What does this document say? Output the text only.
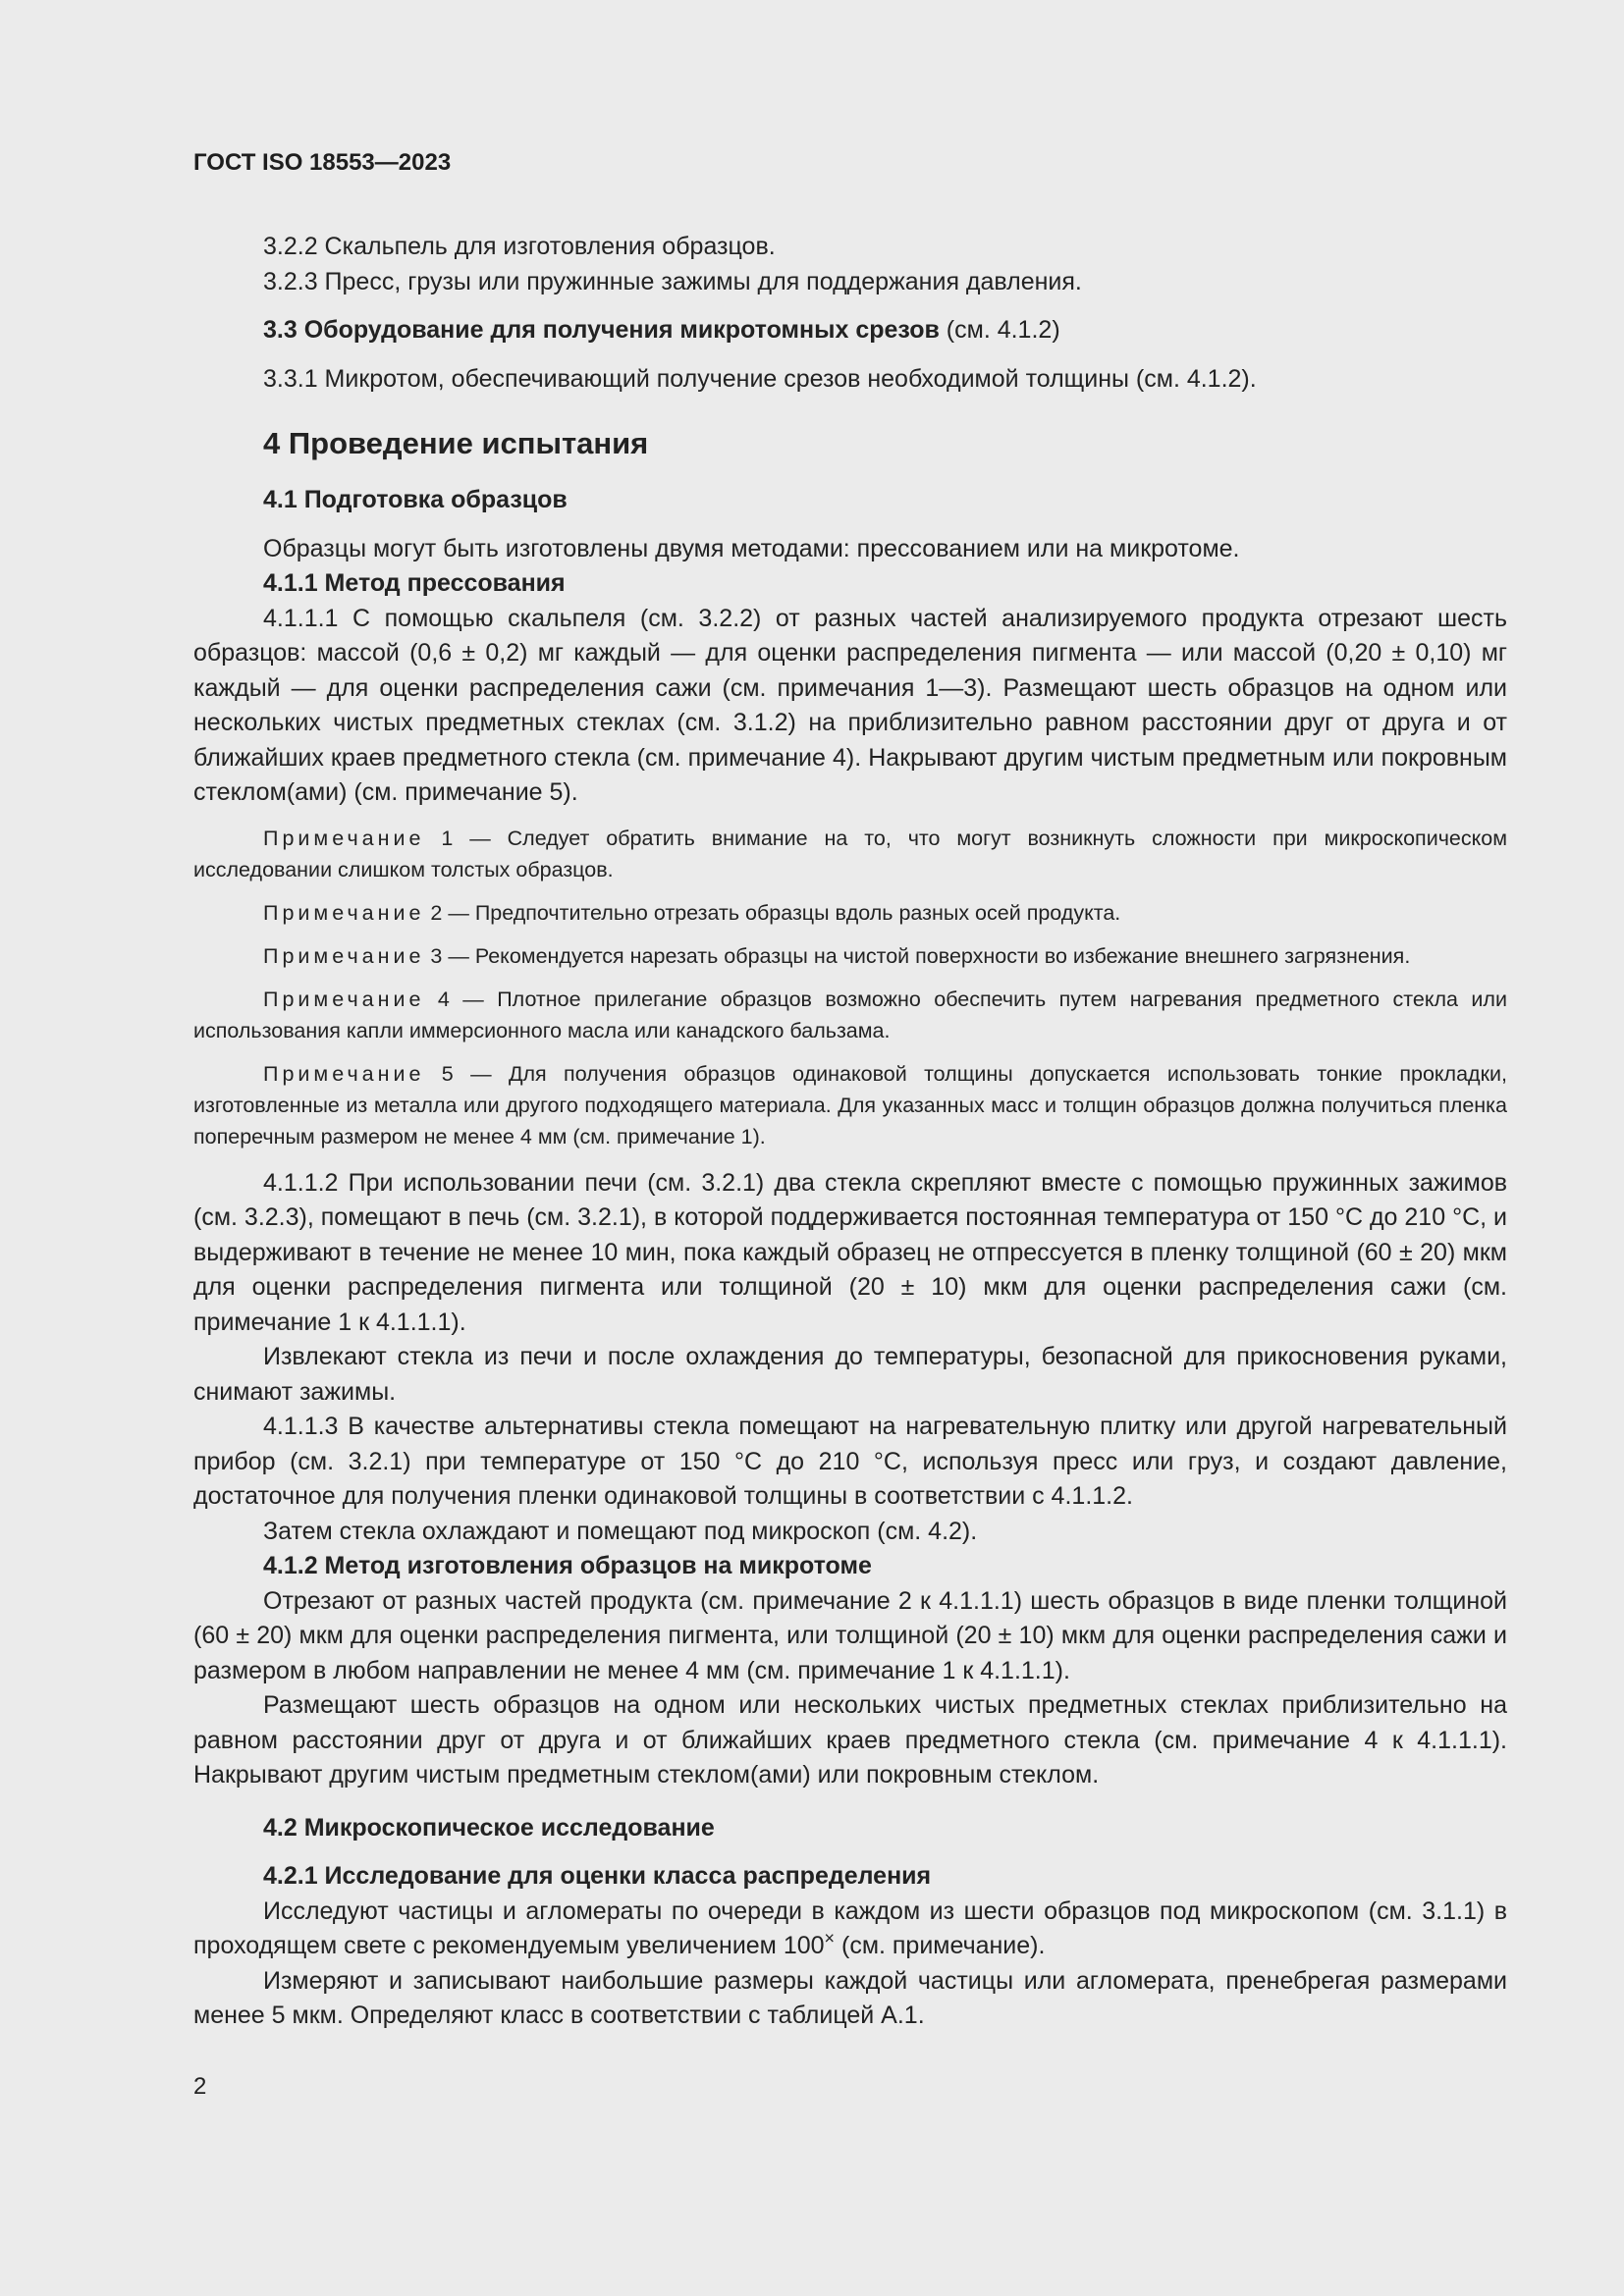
ГОСТ ISO 18553—2023

3.2.2 Скальпель для изготовления образцов.

3.2.3 Пресс, грузы или пружинные зажимы для поддержания давления.

3.3 Оборудование для получения микротомных срезов (см. 4.1.2)

3.3.1 Микротом, обеспечивающий получение срезов необходимой толщины (см. 4.1.2).

4 Проведение испытания

4.1 Подготовка образцов

Образцы могут быть изготовлены двумя методами: прессованием или на микротоме.

4.1.1 Метод прессования

4.1.1.1 С помощью скальпеля (см. 3.2.2) от разных частей анализируемого продукта отрезают шесть образцов: массой (0,6 ± 0,2) мг каждый — для оценки распределения пигмента — или массой (0,20 ± 0,10) мг каждый — для оценки распределения сажи (см. примечания 1—3). Размещают шесть образцов на одном или нескольких чистых предметных стеклах (см. 3.1.2) на приблизительно равном расстоянии друг от друга и от ближайших краев предметного стекла (см. примечание 4). Накрывают другим чистым предметным или покровным стеклом(ами) (см. примечание 5).

Примечание 1 — Следует обратить внимание на то, что могут возникнуть сложности при микроскопическом исследовании слишком толстых образцов.

Примечание 2 — Предпочтительно отрезать образцы вдоль разных осей продукта.

Примечание 3 — Рекомендуется нарезать образцы на чистой поверхности во избежание внешнего загрязнения.

Примечание 4 — Плотное прилегание образцов возможно обеспечить путем нагревания предметного стекла или использования капли иммерсионного масла или канадского бальзама.

Примечание 5 — Для получения образцов одинаковой толщины допускается использовать тонкие прокладки, изготовленные из металла или другого подходящего материала. Для указанных масс и толщин образцов должна получиться пленка поперечным размером не менее 4 мм (см. примечание 1).

4.1.1.2 При использовании печи (см. 3.2.1) два стекла скрепляют вместе с помощью пружинных зажимов (см. 3.2.3), помещают в печь (см. 3.2.1), в которой поддерживается постоянная температура от 150 °C до 210 °C, и выдерживают в течение не менее 10 мин, пока каждый образец не отпрессуется в пленку толщиной (60 ± 20) мкм для оценки распределения пигмента или толщиной (20 ± 10) мкм для оценки распределения сажи (см. примечание 1 к 4.1.1.1).

Извлекают стекла из печи и после охлаждения до температуры, безопасной для прикосновения руками, снимают зажимы.

4.1.1.3 В качестве альтернативы стекла помещают на нагревательную плитку или другой нагревательный прибор (см. 3.2.1) при температуре от 150 °C до 210 °C, используя пресс или груз, и создают давление, достаточное для получения пленки одинаковой толщины в соответствии с 4.1.1.2.

Затем стекла охлаждают и помещают под микроскоп (см. 4.2).

4.1.2 Метод изготовления образцов на микротоме

Отрезают от разных частей продукта (см. примечание 2 к 4.1.1.1) шесть образцов в виде пленки толщиной (60 ± 20) мкм для оценки распределения пигмента, или толщиной (20 ± 10) мкм для оценки распределения сажи и размером в любом направлении не менее 4 мм (см. примечание 1 к 4.1.1.1).

Размещают шесть образцов на одном или нескольких чистых предметных стеклах приблизительно на равном расстоянии друг от друга и от ближайших краев предметного стекла (см. примечание 4 к 4.1.1.1). Накрывают другим чистым предметным стеклом(ами) или покровным стеклом.

4.2 Микроскопическое исследование

4.2.1 Исследование для оценки класса распределения

Исследуют частицы и агломераты по очереди в каждом из шести образцов под микроскопом (см. 3.1.1) в проходящем свете с рекомендуемым увеличением 100× (см. примечание).

Измеряют и записывают наибольшие размеры каждой частицы или агломерата, пренебрегая размерами менее 5 мкм. Определяют класс в соответствии с таблицей А.1.

2
